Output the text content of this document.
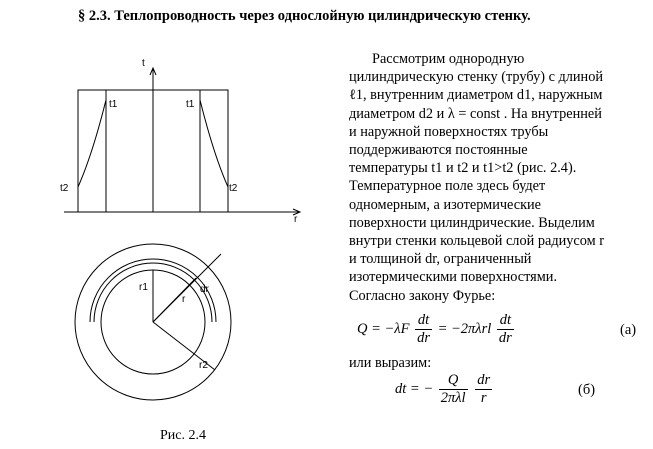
§ 2.3. Теплопроводность через однослойную цилиндрическую стенку.
t
r
t1	t1
t2	t2
r1
r
dr
r2
Рассмотрим однородную
цилиндрическую стенку (трубу) с длиной
ℓ1, внутренним диаметром d1, наружным
диаметром d2 и λ = const . На внутренней
и наружной поверхностях трубы
поддерживаются постоянные
температуры t1 и t2 и t1>t2 (рис. 2.4).
Температурное поле здесь будет
одномерным, а изотермические
поверхности цилиндрические. Выделим
внутри стенки кольцевой слой радиусом r
и толщиной dr, ограниченный
изотермическими поверхностями.
Согласно закону Фурье:
$Q = -\lambda F \frac{dt}{dr} = -2\pi\lambda rl \frac{dt}{dr}$	(а)
или выразим:
dt = − $\frac{Q}{\text{2πλl}}$
$\frac{dr}{r}$	(б)
Рис. 2.4
